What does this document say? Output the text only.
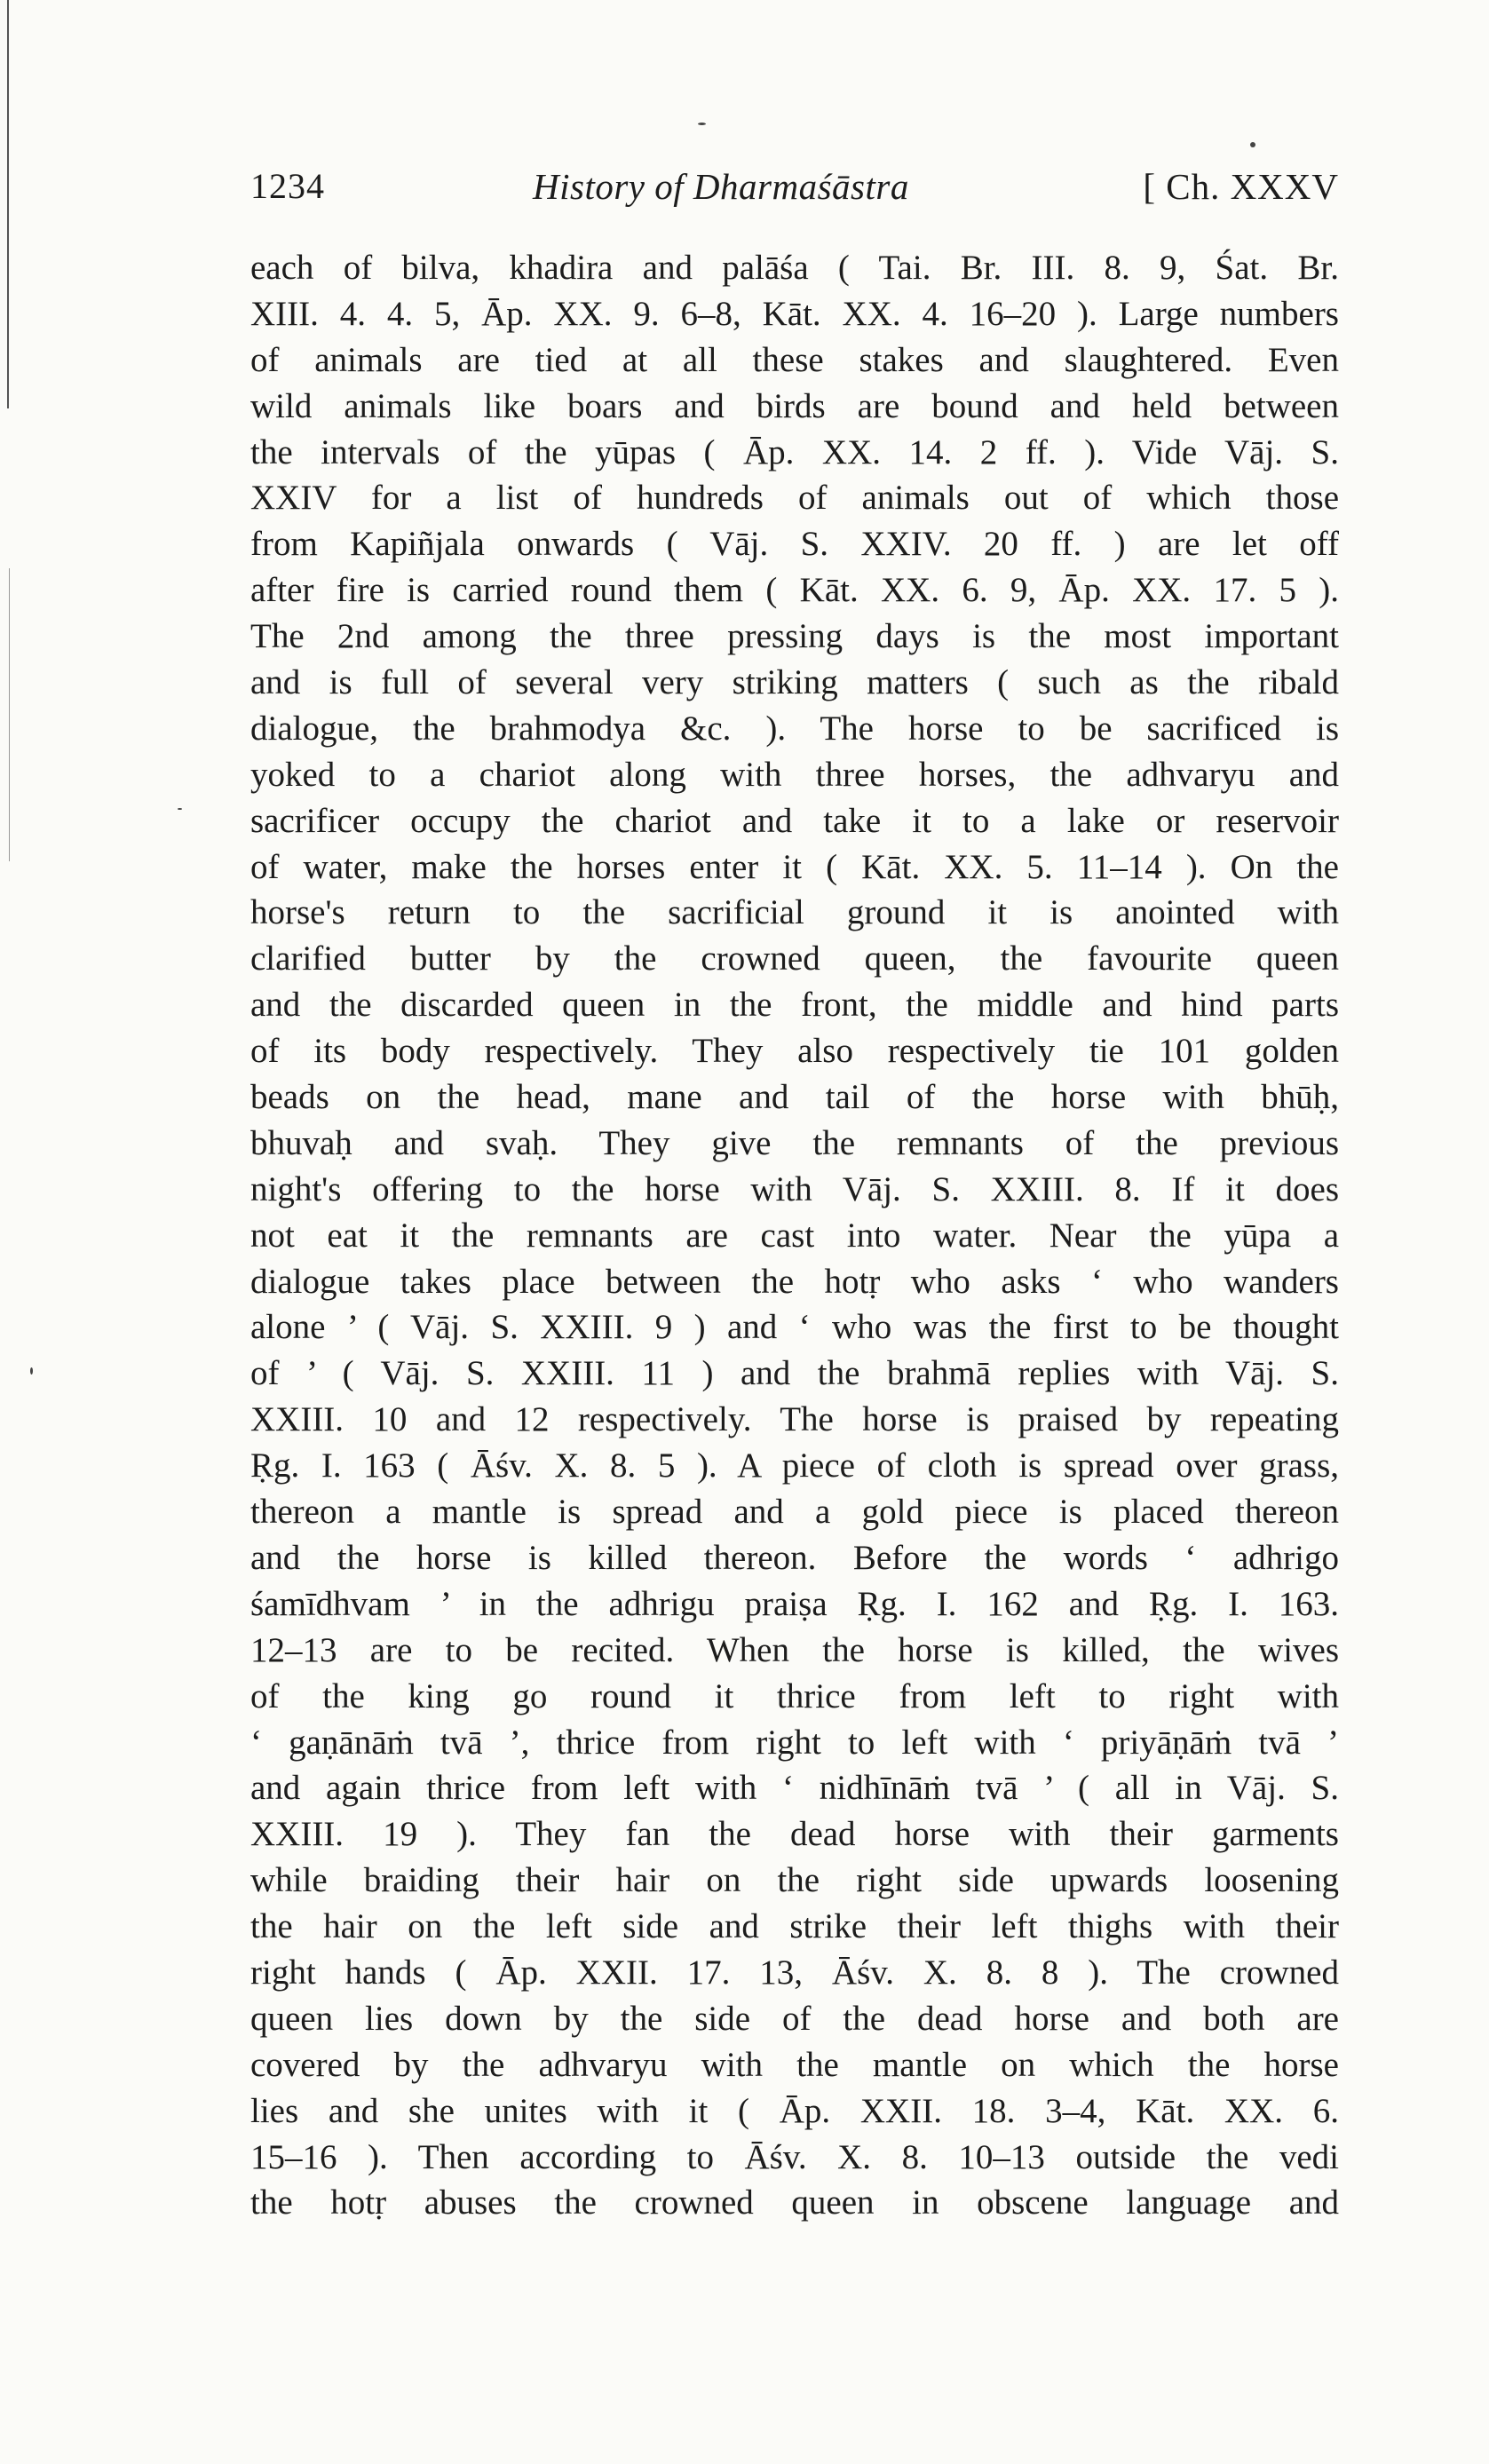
1234	History of Dharmaśāstra	[ Ch. XXXV
each of bilva, khadira and palāśa ( Tai. Br. III. 8. 9, Śat. Br.
XIII. 4. 4. 5, Āp. XX. 9. 6–8, Kāt. XX. 4. 16–20 ). Large numbers
of animals are tied at all these stakes and slaughtered. Even
wild animals like boars and birds are bound and held between
the intervals of the yūpas ( Āp. XX. 14. 2 ff. ). Vide Vāj. S.
XXIV for a list of hundreds of animals out of which those
from Kapiñjala onwards ( Vāj. S. XXIV. 20 ff. ) are let off
after fire is carried round them ( Kāt. XX. 6. 9, Āp. XX. 17. 5 ).
The 2nd among the three pressing days is the most important
and is full of several very striking matters ( such as the ribald
dialogue, the brahmodya &c. ). The horse to be sacrificed is
yoked to a chariot along with three horses, the adhvaryu and
sacrificer occupy the chariot and take it to a lake or reservoir
of water, make the horses enter it ( Kāt. XX. 5. 11–14 ). On the
horse's return to the sacrificial ground it is anointed with
clarified butter by the crowned queen, the favourite queen
and the discarded queen in the front, the middle and hind parts
of its body respectively. They also respectively tie 101 golden
beads on the head, mane and tail of the horse with bhūḥ,
bhuvaḥ and svaḥ. They give the remnants of the previous
night's offering to the horse with Vāj. S. XXIII. 8. If it does
not eat it the remnants are cast into water. Near the yūpa a
dialogue takes place between the hotṛ who asks ‘ who wanders
alone ’ ( Vāj. S. XXIII. 9 ) and ‘ who was the first to be thought
of ’ ( Vāj. S. XXIII. 11 ) and the brahmā replies with Vāj. S.
XXIII. 10 and 12 respectively. The horse is praised by repeating
Ṛg. I. 163 ( Āśv. X. 8. 5 ). A piece of cloth is spread over grass,
thereon a mantle is spread and a gold piece is placed thereon
and the horse is killed thereon. Before the words ‘ adhrigo
śamīdhvam ’ in the adhrigu praiṣa Ṛg. I. 162 and Ṛg. I. 163.
12–13 are to be recited. When the horse is killed, the wives
of the king go round it thrice from left to right with
‘ gaṇānāṁ tvā ’, thrice from right to left with ‘ priyāṇāṁ tvā ’
and again thrice from left with ‘ nidhīnāṁ tvā ’ ( all in Vāj. S.
XXIII. 19 ). They fan the dead horse with their garments
while braiding their hair on the right side upwards loosening
the hair on the left side and strike their left thighs with their
right hands ( Āp. XXII. 17. 13, Āśv. X. 8. 8 ). The crowned
queen lies down by the side of the dead horse and both are
covered by the adhvaryu with the mantle on which the horse
lies and she unites with it ( Āp. XXII. 18. 3–4, Kāt. XX. 6.
15–16 ). Then according to Āśv. X. 8. 10–13 outside the vedi
the hotṛ abuses the crowned queen in obscene language and
